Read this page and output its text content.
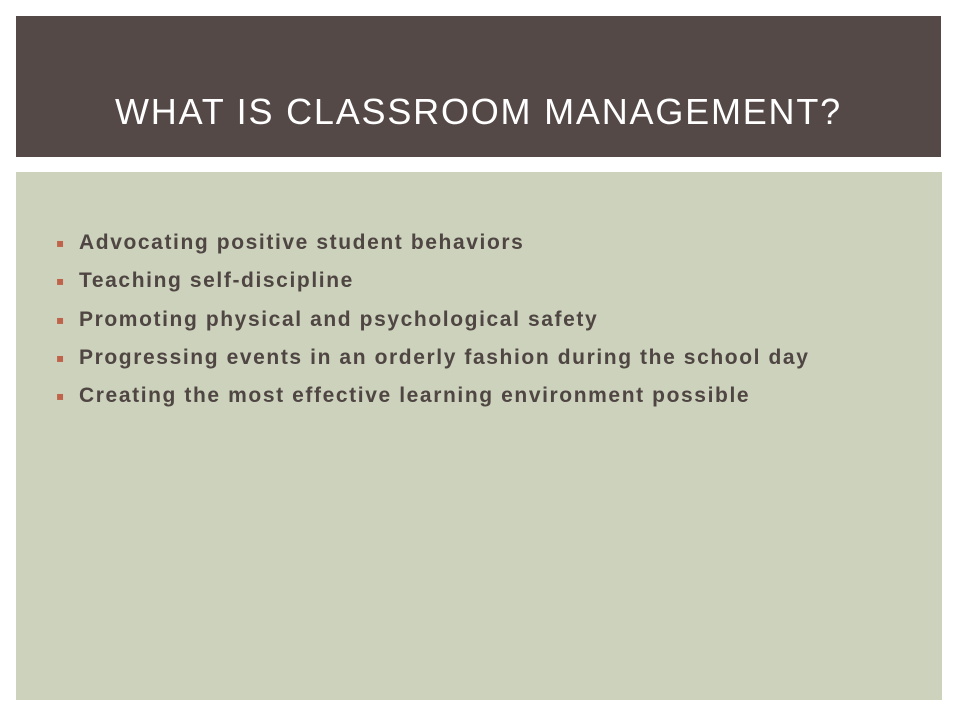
WHAT IS CLASSROOM MANAGEMENT?
▪ Advocating positive student behaviors
▪ Teaching self-discipline
▪ Promoting physical and psychological safety
▪ Progressing events in an orderly fashion during the school day
▪ Creating the most effective learning environment possible
